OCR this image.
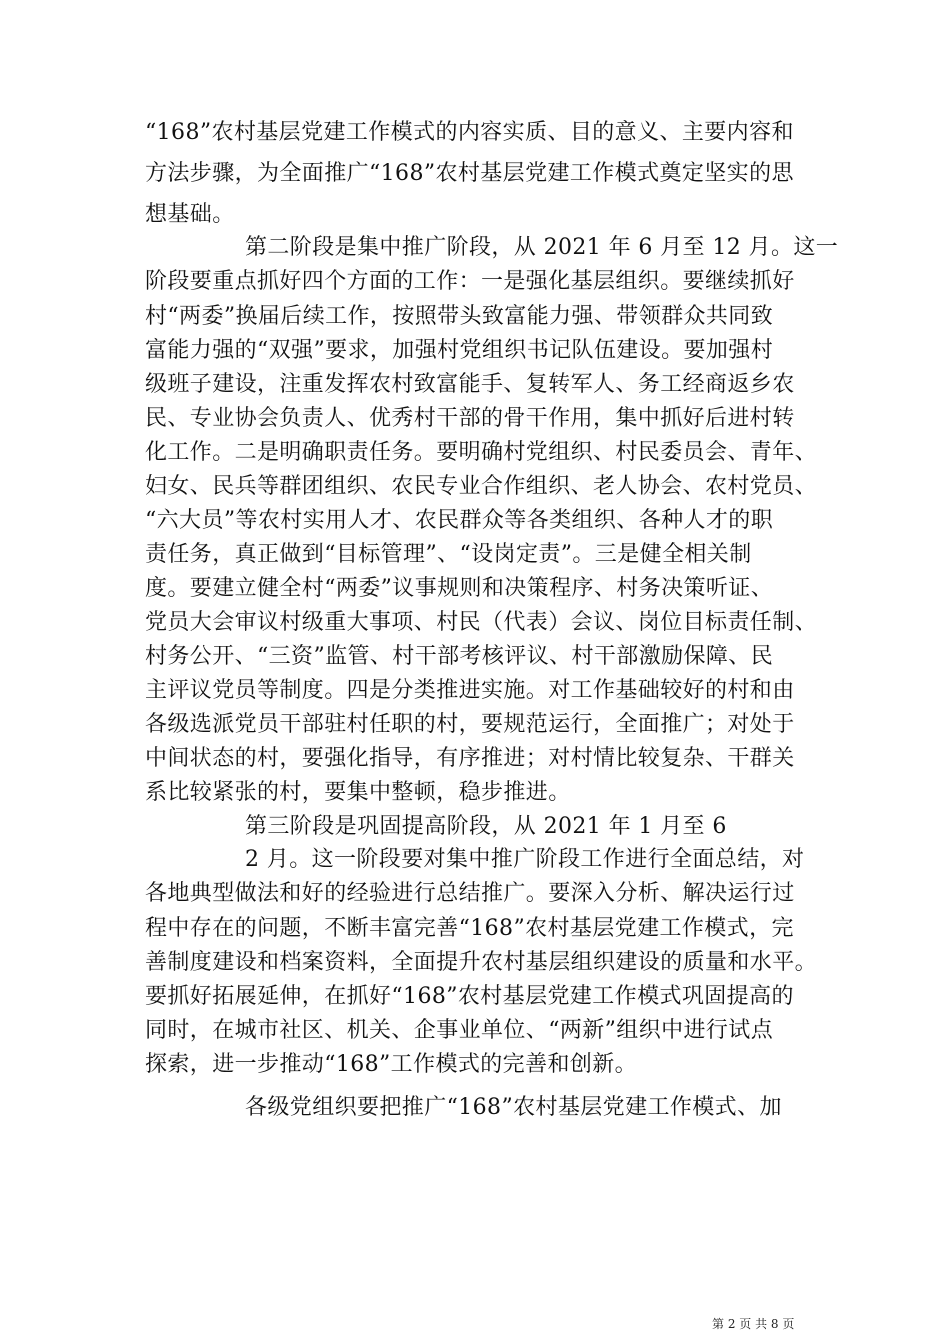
“168”农村基层党建工作模式的内容实质、目的意义、主要内容和
方法步骤，为全面推广“168”农村基层党建工作模式奠定坚实的思
想基础。
第二阶段是集中推广阶段，从 2021 年 6 月至 12 月。这一
阶段要重点抓好四个方面的工作：一是强化基层组织。要继续抓好
村“两委”换届后续工作，按照带头致富能力强、带领群众共同致
富能力强的“双强”要求，加强村党组织书记队伍建设。要加强村
级班子建设，注重发挥农村致富能手、复转军人、务工经商返乡农
民、专业协会负责人、优秀村干部的骨干作用，集中抓好后进村转
化工作。二是明确职责任务。要明确村党组织、村民委员会、青年、
妇女、民兵等群团组织、农民专业合作组织、老人协会、农村党员、
“六大员”等农村实用人才、农民群众等各类组织、各种人才的职
责任务，真正做到“目标管理”、“设岗定责”。三是健全相关制
度。要建立健全村“两委”议事规则和决策程序、村务决策听证、
党员大会审议村级重大事项、村民（代表）会议、岗位目标责任制、
村务公开、“三资”监管、村干部考核评议、村干部激励保障、民
主评议党员等制度。四是分类推进实施。对工作基础较好的村和由
各级选派党员干部驻村任职的村，要规范运行，全面推广；对处于
中间状态的村，要强化指导，有序推进；对村情比较复杂、干群关
系比较紧张的村，要集中整顿，稳步推进。
第三阶段是巩固提高阶段，从 2021 年 1 月至 6
2 月。这一阶段要对集中推广阶段工作进行全面总结，对
各地典型做法和好的经验进行总结推广。要深入分析、解决运行过
程中存在的问题，不断丰富完善“168”农村基层党建工作模式，完
善制度建设和档案资料，全面提升农村基层组织建设的质量和水平。
要抓好拓展延伸，在抓好“168”农村基层党建工作模式巩固提高的
同时，在城市社区、机关、企事业单位、“两新”组织中进行试点
探索，进一步推动“168”工作模式的完善和创新。
各级党组织要把推广“168”农村基层党建工作模式、加
第 2 页 共 8 页
